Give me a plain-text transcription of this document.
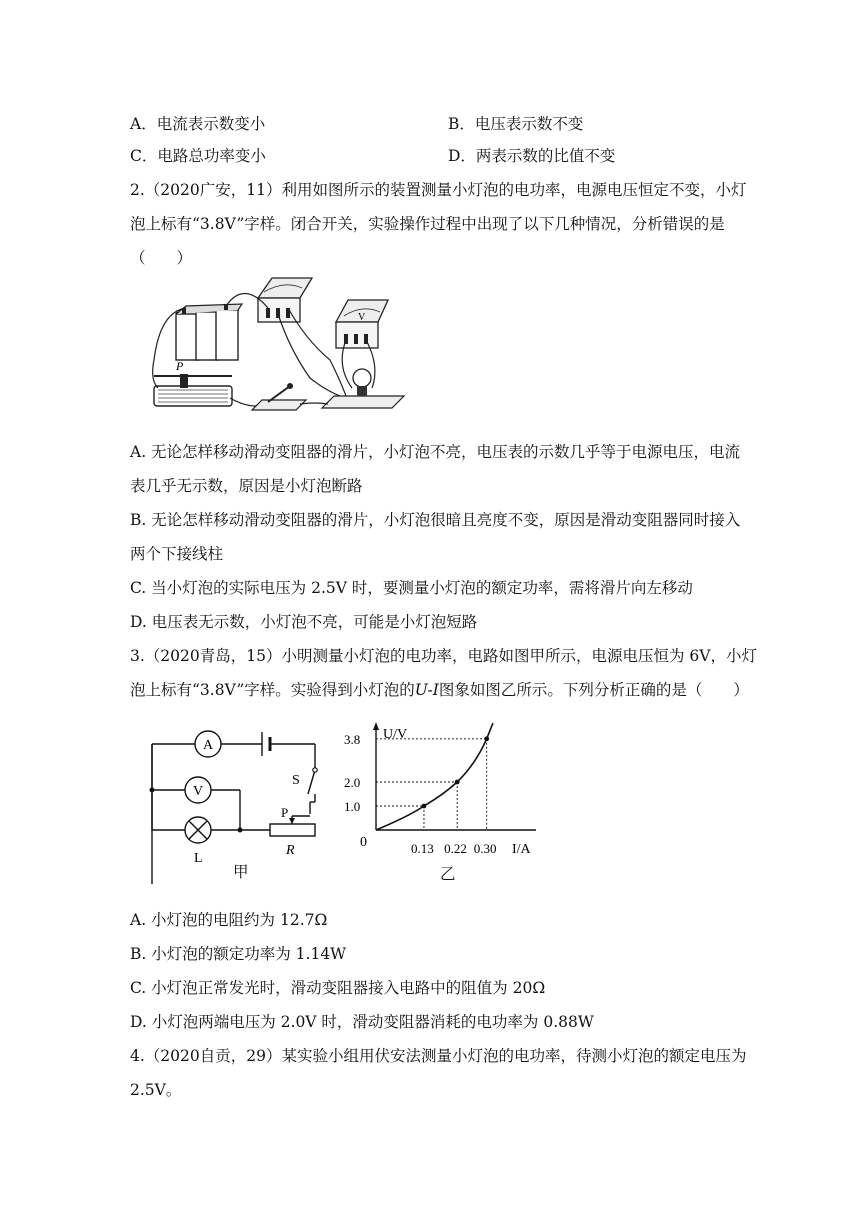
A．电流表示数变小	B．电压表示数不变
C．电路总功率变小	D．两表示数的比值不变
2.（2020广安，11）利用如图所示的装置测量小灯泡的电功率，电源电压恒定不变，小灯
泡上标有“3.8V”字样。闭合开关，实验操作过程中出现了以下几种情况，分析错误的是
（　　）
+	V
P
A. 无论怎样移动滑动变阻器的滑片，小灯泡不亮，电压表的示数几乎等于电源电压，电流
表几乎无示数，原因是小灯泡断路
B. 无论怎样移动滑动变阻器的滑片，小灯泡很暗且亮度不变，原因是滑动变阻器同时接入
两个下接线柱
C. 当小灯泡的实际电压为 2.5V 时，要测量小灯泡的额定功率，需将滑片向左移动
D. 电压表无示数，小灯泡不亮，可能是小灯泡短路
3.（2020青岛，15）小明测量小灯泡的电功率，电路如图甲所示，电源电压恒为 6V，小灯
泡上标有“3.8V”字样。实验得到小灯泡的U-I图象如图乙所示。下列分析正确的是（　　）
A
V
S
P
L
R
甲
U/V
I/A
0	0.13 0.22 0.30
1.0
2.0
3.8
乙
A. 小灯泡的电阻约为 12.7Ω
B. 小灯泡的额定功率为 1.14W
C. 小灯泡正常发光时，滑动变阻器接入电路中的阻值为 20Ω
D. 小灯泡两端电压为 2.0V 时，滑动变阻器消耗的电功率为 0.88W
4.（2020自贡，29）某实验小组用伏安法测量小灯泡的电功率，待测小灯泡的额定电压为
2.5V。
